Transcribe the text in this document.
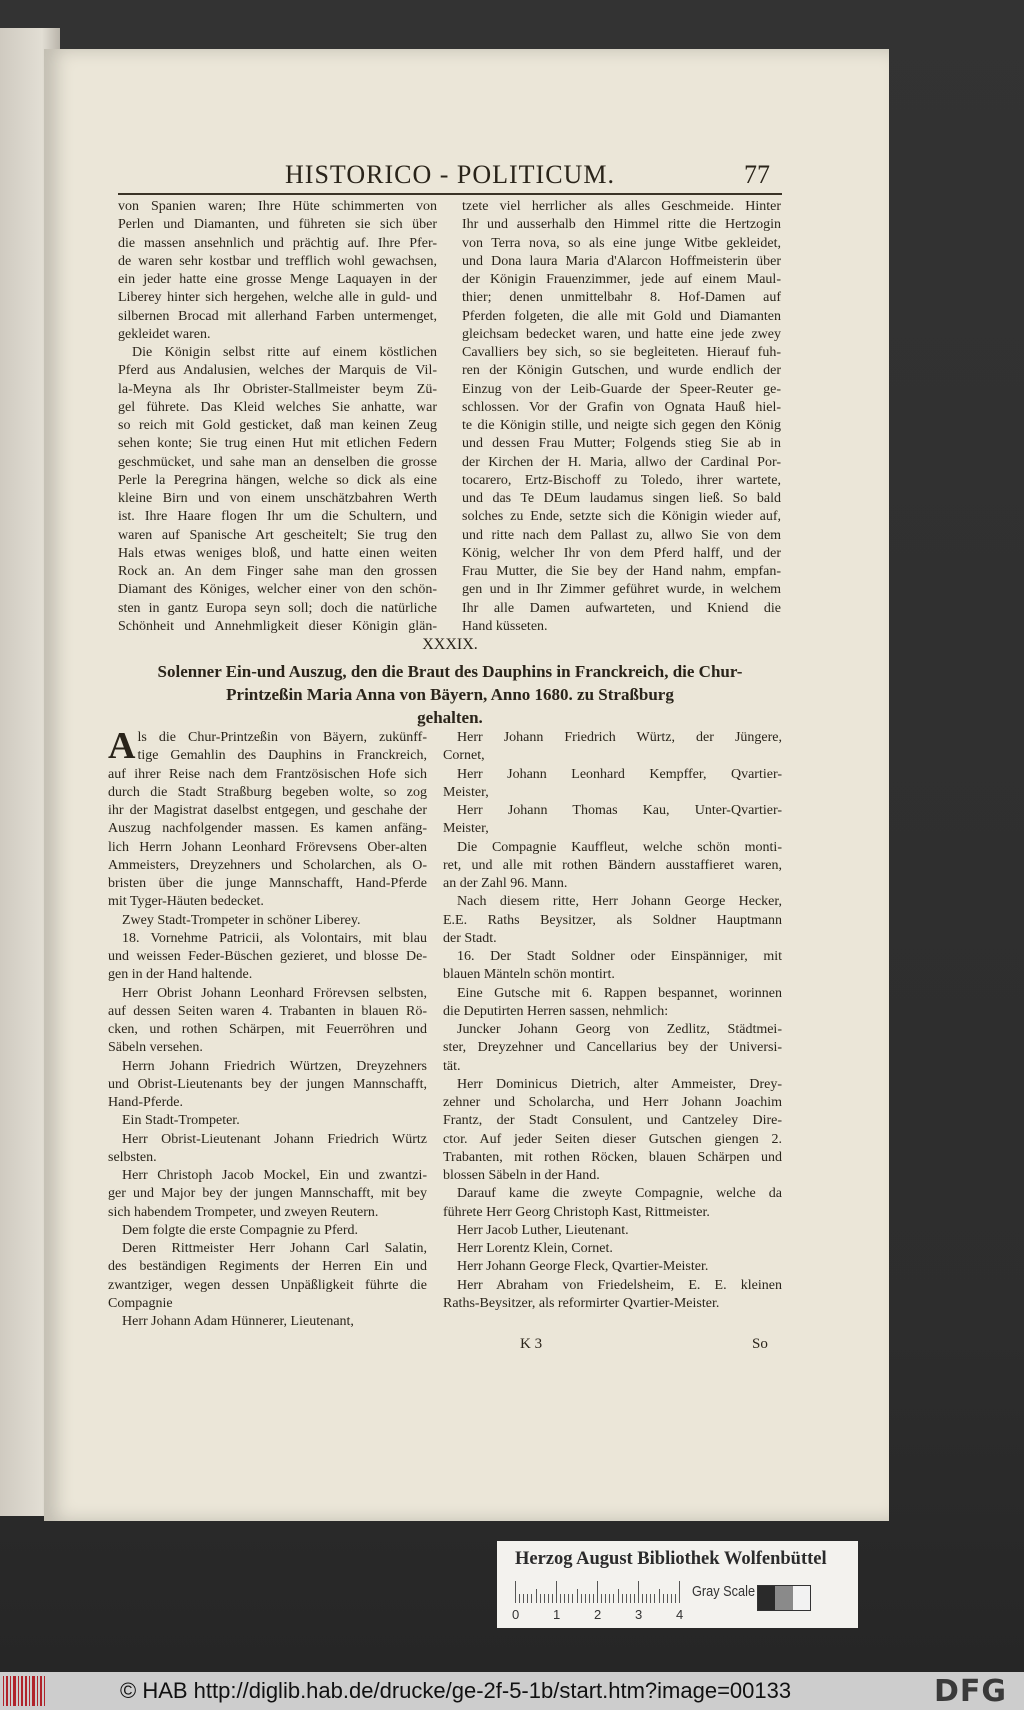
HISTORICO - POLITICUM.	77
von Spanien waren; Ihre Hüte schimmerten von
Perlen und Diamanten, und führeten sie sich über
die massen ansehnlich und prächtig auf. Ihre Pfer-
de waren sehr kostbar und trefflich wohl gewachsen,
ein jeder hatte eine grosse Menge Laquayen in der
Liberey hinter sich hergehen, welche alle in guld- und
silbernen Brocad mit allerhand Farben untermenget,
gekleidet waren.
Die Königin selbst ritte auf einem köstlichen
Pferd aus Andalusien, welches der Marquis de Vil-
la-Meyna als Ihr Obrister-Stallmeister beym Zü-
gel führete. Das Kleid welches Sie anhatte, war
so reich mit Gold gesticket, daß man keinen Zeug
sehen konte; Sie trug einen Hut mit etlichen Federn
geschmücket, und sahe man an denselben die grosse
Perle la Peregrina hängen, welche so dick als eine
kleine Birn und von einem unschätzbahren Werth
ist. Ihre Haare flogen Ihr um die Schultern, und
waren auf Spanische Art gescheitelt; Sie trug den
Hals etwas weniges bloß, und hatte einen weiten
Rock an. An dem Finger sahe man den grossen
Diamant des Königes, welcher einer von den schön-
sten in gantz Europa seyn soll; doch die natürliche
Schönheit und Annehmligkeit dieser Königin glän-
tzete viel herrlicher als alles Geschmeide. Hinter
Ihr und ausserhalb den Himmel ritte die Hertzogin
von Terra nova, so als eine junge Witbe gekleidet,
und Dona laura Maria d'Alarcon Hoffmeisterin über
der Königin Frauenzimmer, jede auf einem Maul-
thier; denen unmittelbahr 8. Hof-Damen auf
Pferden folgeten, die alle mit Gold und Diamanten
gleichsam bedecket waren, und hatte eine jede zwey
Cavalliers bey sich, so sie begleiteten. Hierauf fuh-
ren der Königin Gutschen, und wurde endlich der
Einzug von der Leib-Guarde der Speer-Reuter ge-
schlossen. Vor der Grafin von Ognata Hauß hiel-
te die Königin stille, und neigte sich gegen den König
und dessen Frau Mutter; Folgends stieg Sie ab in
der Kirchen der H. Maria, allwo der Cardinal Por-
tocarero, Ertz-Bischoff zu Toledo, ihrer wartete,
und das Te DEum laudamus singen ließ. So bald
solches zu Ende, setzte sich die Königin wieder auf,
und ritte nach dem Pallast zu, allwo Sie von dem
König, welcher Ihr von dem Pferd halff, und der
Frau Mutter, die Sie bey der Hand nahm, empfan-
gen und in Ihr Zimmer geführet wurde, in welchem
Ihr alle Damen aufwarteten, und Kniend die
Hand küsseten.
XXXIX.
Solenner Ein-und Auszug, den die Braut des Dauphins in Franckreich, die Chur-
Printzeßin Maria Anna von Bäyern, Anno 1680. zu Straßburg
gehalten.
A ls die Chur-Printzeßin von Bäyern, zukünff-
tige Gemahlin des Dauphins in Franckreich,
auf ihrer Reise nach dem Frantzösischen Hofe sich
durch die Stadt Straßburg begeben wolte, so zog
ihr der Magistrat daselbst entgegen, und geschahe der
Auszug nachfolgender massen. Es kamen anfäng-
lich Herrn Johann Leonhard Frörevsens Ober-alten
Ammeisters, Dreyzehners und Scholarchen, als O-
bristen über die junge Mannschafft, Hand-Pferde
mit Tyger-Häuten bedecket.
Zwey Stadt-Trompeter in schöner Liberey.
18. Vornehme Patricii, als Volontairs, mit blau
und weissen Feder-Büschen gezieret, und blosse De-
gen in der Hand haltende.
Herr Obrist Johann Leonhard Frörevsen selbsten,
auf dessen Seiten waren 4. Trabanten in blauen Rö-
cken, und rothen Schärpen, mit Feuerröhren und
Säbeln versehen.
Herrn Johann Friedrich Würtzen, Dreyzehners
und Obrist-Lieutenants bey der jungen Mannschafft,
Hand-Pferde.
Ein Stadt-Trompeter.
Herr Obrist-Lieutenant Johann Friedrich Würtz
selbsten.
Herr Christoph Jacob Mockel, Ein und zwantzi-
ger und Major bey der jungen Mannschafft, mit bey
sich habendem Trompeter, und zweyen Reutern.
Dem folgte die erste Compagnie zu Pferd.
Deren Rittmeister Herr Johann Carl Salatin,
des beständigen Regiments der Herren Ein und
zwantziger, wegen dessen Unpäßligkeit führte die
Compagnie
Herr Johann Adam Hünnerer, Lieutenant,
Herr Johann Friedrich Würtz, der Jüngere,
Cornet,
Herr Johann Leonhard Kempffer, Qvartier-
Meister,
Herr Johann Thomas Kau, Unter-Qvartier-
Meister,
Die Compagnie Kauffleut, welche schön monti-
ret, und alle mit rothen Bändern ausstaffieret waren,
an der Zahl 96. Mann.
Nach diesem ritte, Herr Johann George Hecker,
E.E. Raths Beysitzer, als Soldner Hauptmann
der Stadt.
16. Der Stadt Soldner oder Einspänniger, mit
blauen Mänteln schön montirt.
Eine Gutsche mit 6. Rappen bespannet, worinnen
die Deputirten Herren sassen, nehmlich:
Juncker Johann Georg von Zedlitz, Städtmei-
ster, Dreyzehner und Cancellarius bey der Universi-
tät.
Herr Dominicus Dietrich, alter Ammeister, Drey-
zehner und Scholarcha, und Herr Johann Joachim
Frantz, der Stadt Consulent, und Cantzeley Dire-
ctor. Auf jeder Seiten dieser Gutschen giengen 2.
Trabanten, mit rothen Röcken, blauen Schärpen und
blossen Säbeln in der Hand.
Darauf kame die zweyte Compagnie, welche da
führete Herr Georg Christoph Kast, Rittmeister.
Herr Jacob Luther, Lieutenant.
Herr Lorentz Klein, Cornet.
Herr Johann George Fleck, Qvartier-Meister.
Herr Abraham von Friedelsheim, E. E. kleinen
Raths-Beysitzer, als reformirter Qvartier-Meister.
K 3	So
Herzog August Bibliothek Wolfenbüttel
0	1	2	3	4
Gray Scale
© HAB http://diglib.hab.de/drucke/ge-2f-5-1b/start.htm?image=00133	DFG
